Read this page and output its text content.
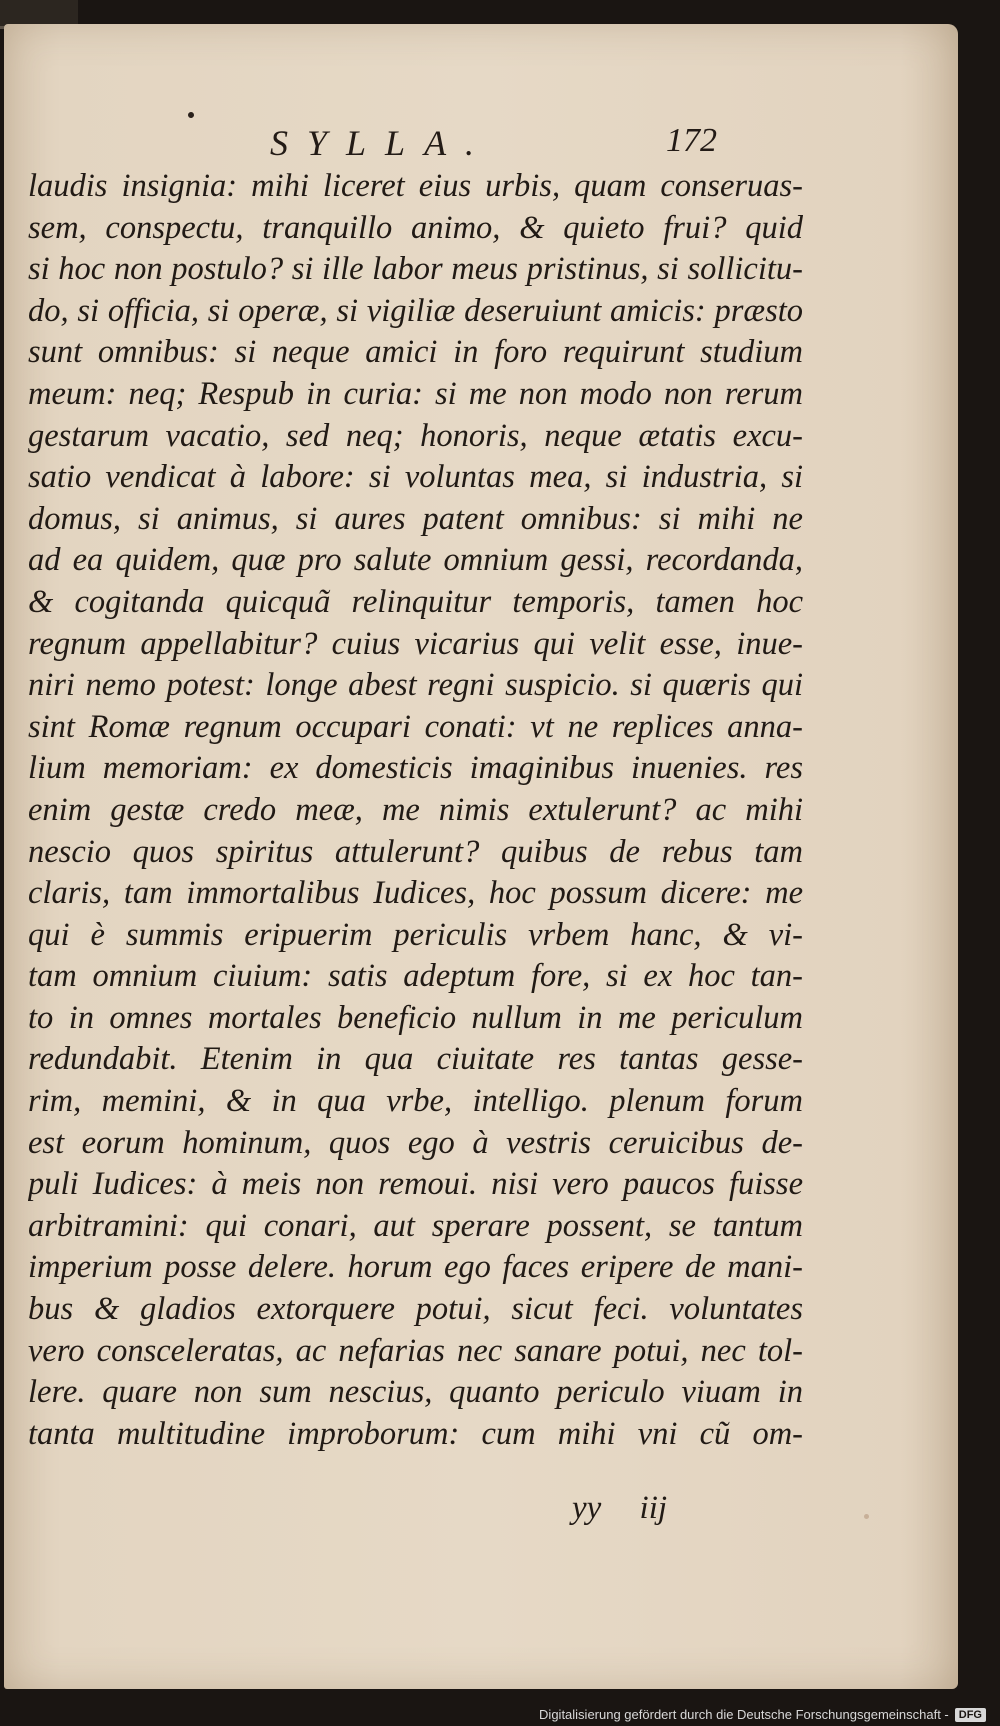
SYLLA.	172
laudis insignia: mihi liceret eius urbis, quam conseruas-
sem, conspectu, tranquillo animo, & quieto frui? quid
si hoc non postulo? si ille labor meus pristinus, si sollicitu-
do, si officia, si operæ, si vigiliæ deseruiunt amicis: præsto
sunt omnibus: si neque amici in foro requirunt studium
meum: neq; Respub in curia: si me non modo non rerum
gestarum vacatio, sed neq; honoris, neque ætatis excu-
satio vendicat à labore: si voluntas mea, si industria, si
domus, si animus, si aures patent omnibus: si mihi ne
ad ea quidem, quæ pro salute omnium gessi, recordanda,
& cogitanda quicquã relinquitur temporis, tamen hoc
regnum appellabitur? cuius vicarius qui velit esse, inue-
niri nemo potest: longe abest regni suspicio. si quæris qui
sint Romæ regnum occupari conati: vt ne replices anna-
lium memoriam: ex domesticis imaginibus inuenies. res
enim gestæ credo meæ, me nimis extulerunt? ac mihi
nescio quos spiritus attulerunt? quibus de rebus tam
claris, tam immortalibus Iudices, hoc possum dicere: me
qui è summis eripuerim periculis vrbem hanc, & vi-
tam omnium ciuium: satis adeptum fore, si ex hoc tan-
to in omnes mortales beneficio nullum in me periculum
redundabit. Etenim in qua ciuitate res tantas gesse-
rim, memini, & in qua vrbe, intelligo. plenum forum
est eorum hominum, quos ego à vestris ceruicibus de-
puli Iudices: à meis non remoui. nisi vero paucos fuisse
arbitramini: qui conari, aut sperare possent, se tantum
imperium posse delere. horum ego faces eripere de mani-
bus & gladios extorquere potui, sicut feci. voluntates
vero consceleratas, ac nefarias nec sanare potui, nec tol-
lere. quare non sum nescius, quanto periculo viuam in
tanta multitudine improborum: cum mihi vni cũ om-
yy iij
Digitalisierung gefördert durch die Deutsche Forschungsgemeinschaft - DFG
